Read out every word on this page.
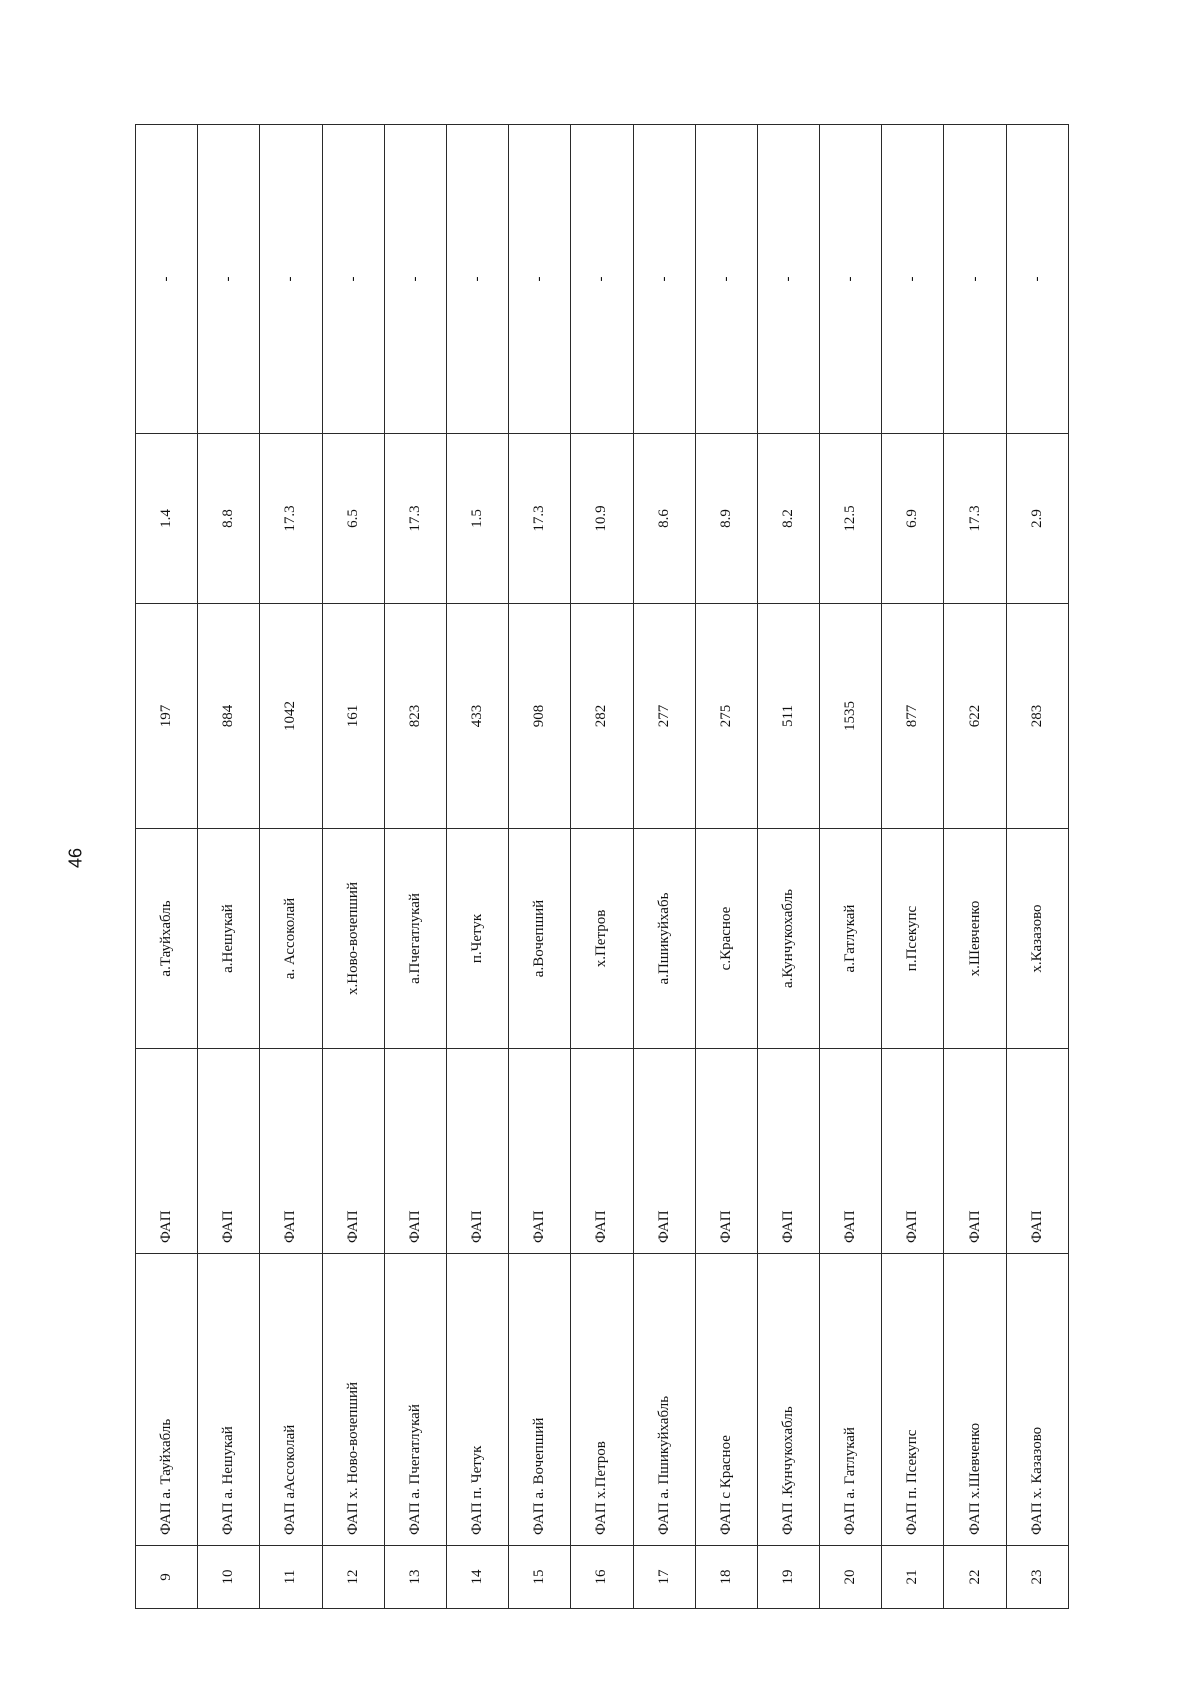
46
9	ФАП а. Тауйхабль	ФАП	а.Тауйхабль	197	1.4	-
10	ФАП а. Нешукай	ФАП	а.Нешукай	884	8.8	-
11	ФАП аАссоколай	ФАП	а. Ассоколай	1042	17.3	-
12	ФАП х. Ново-вочепший	ФАП	х.Ново-вочепший	161	6.5	-
13	ФАП а. Пчегатлукай	ФАП	а.Пчегатлукай	823	17.3	-
14	ФАП п. Четук	ФАП	п.Четук	433	1.5	-
15	ФАП а. Вочепший	ФАП	а.Вочепший	908	17.3	-
16	ФАП х.Петров	ФАП	х.Петров	282	10.9	-
17	ФАП а. Пшикуйхабль	ФАП	а.Пшикуйхабь	277	8.6	-
18	ФАП с Красное	ФАП	с.Красное	275	8.9	-
19	ФАП .Кунчукохабль	ФАП	а.Кунчукохабль	511	8.2	-
20	ФАП а. Гатлукай	ФАП	а.Гатлукай	1535	12.5	-
21	ФАП п. Псекупс	ФАП	п.Псекупс	877	6.9	-
22	ФАП х.Шевченко	ФАП	х.Шевченко	622	17.3	-
23	ФАП х. Казазово	ФАП	х.Казазово	283	2.9	-
